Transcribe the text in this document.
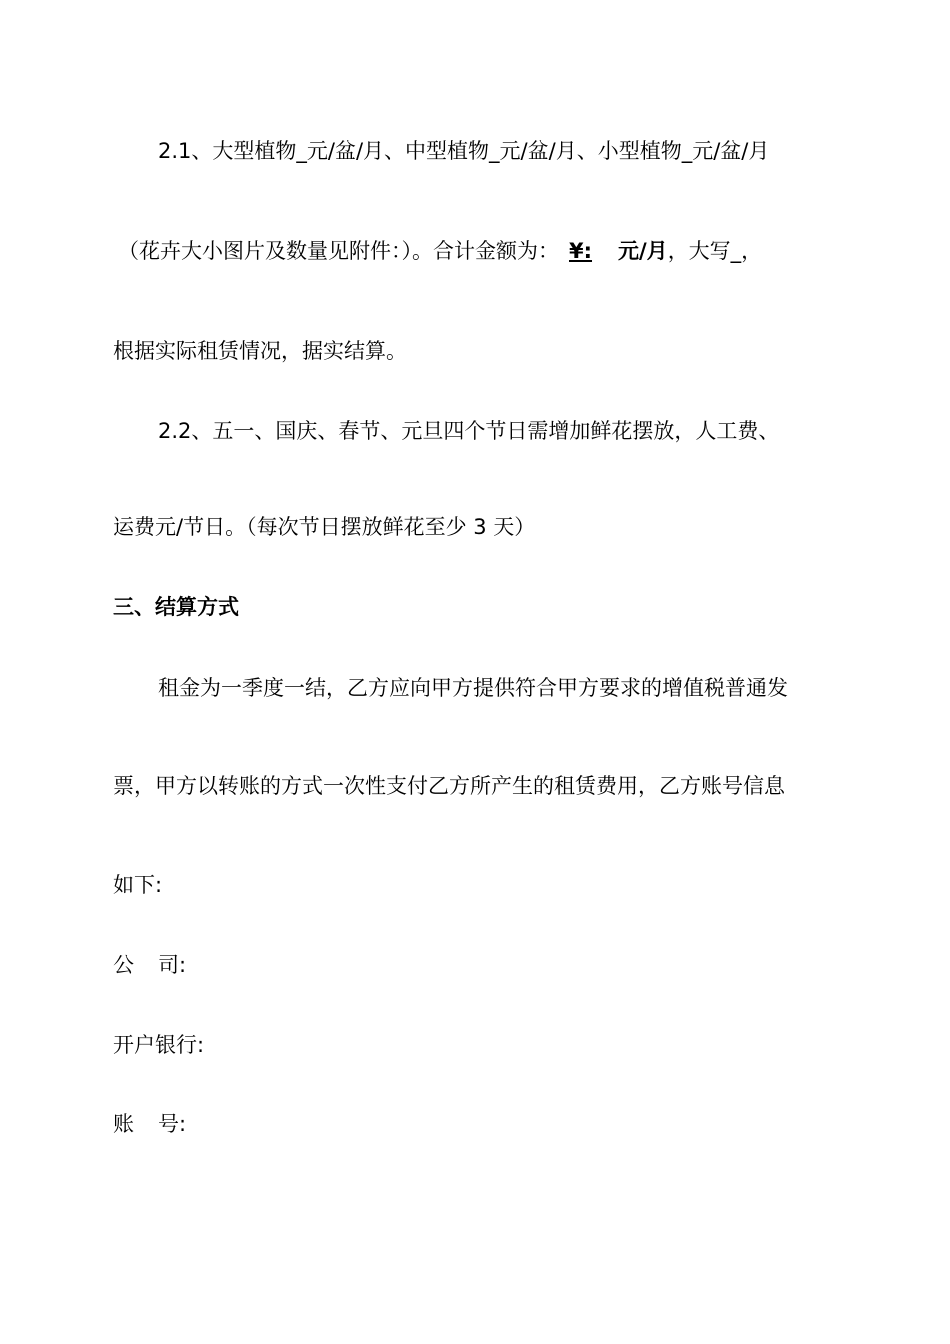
2.1、大型植物_元/盆/月、中型植物_元/盆/月、小型植物_元/盆/月
（花卉大小图片及数量见附件：）。合计金额为： ¥: 元/月，大写_，
根据实际租赁情况，据实结算。
2.2、五一、国庆、春节、元旦四个节日需增加鲜花摆放，人工费、
运费元/节日。（每次节日摆放鲜花至少 3 天）
三、结算方式
租金为一季度一结，乙方应向甲方提供符合甲方要求的增值税普通发
票，甲方以转账的方式一次性支付乙方所产生的租赁费用，乙方账号信息
如下:
公 司:
开户银行:
账 号:
